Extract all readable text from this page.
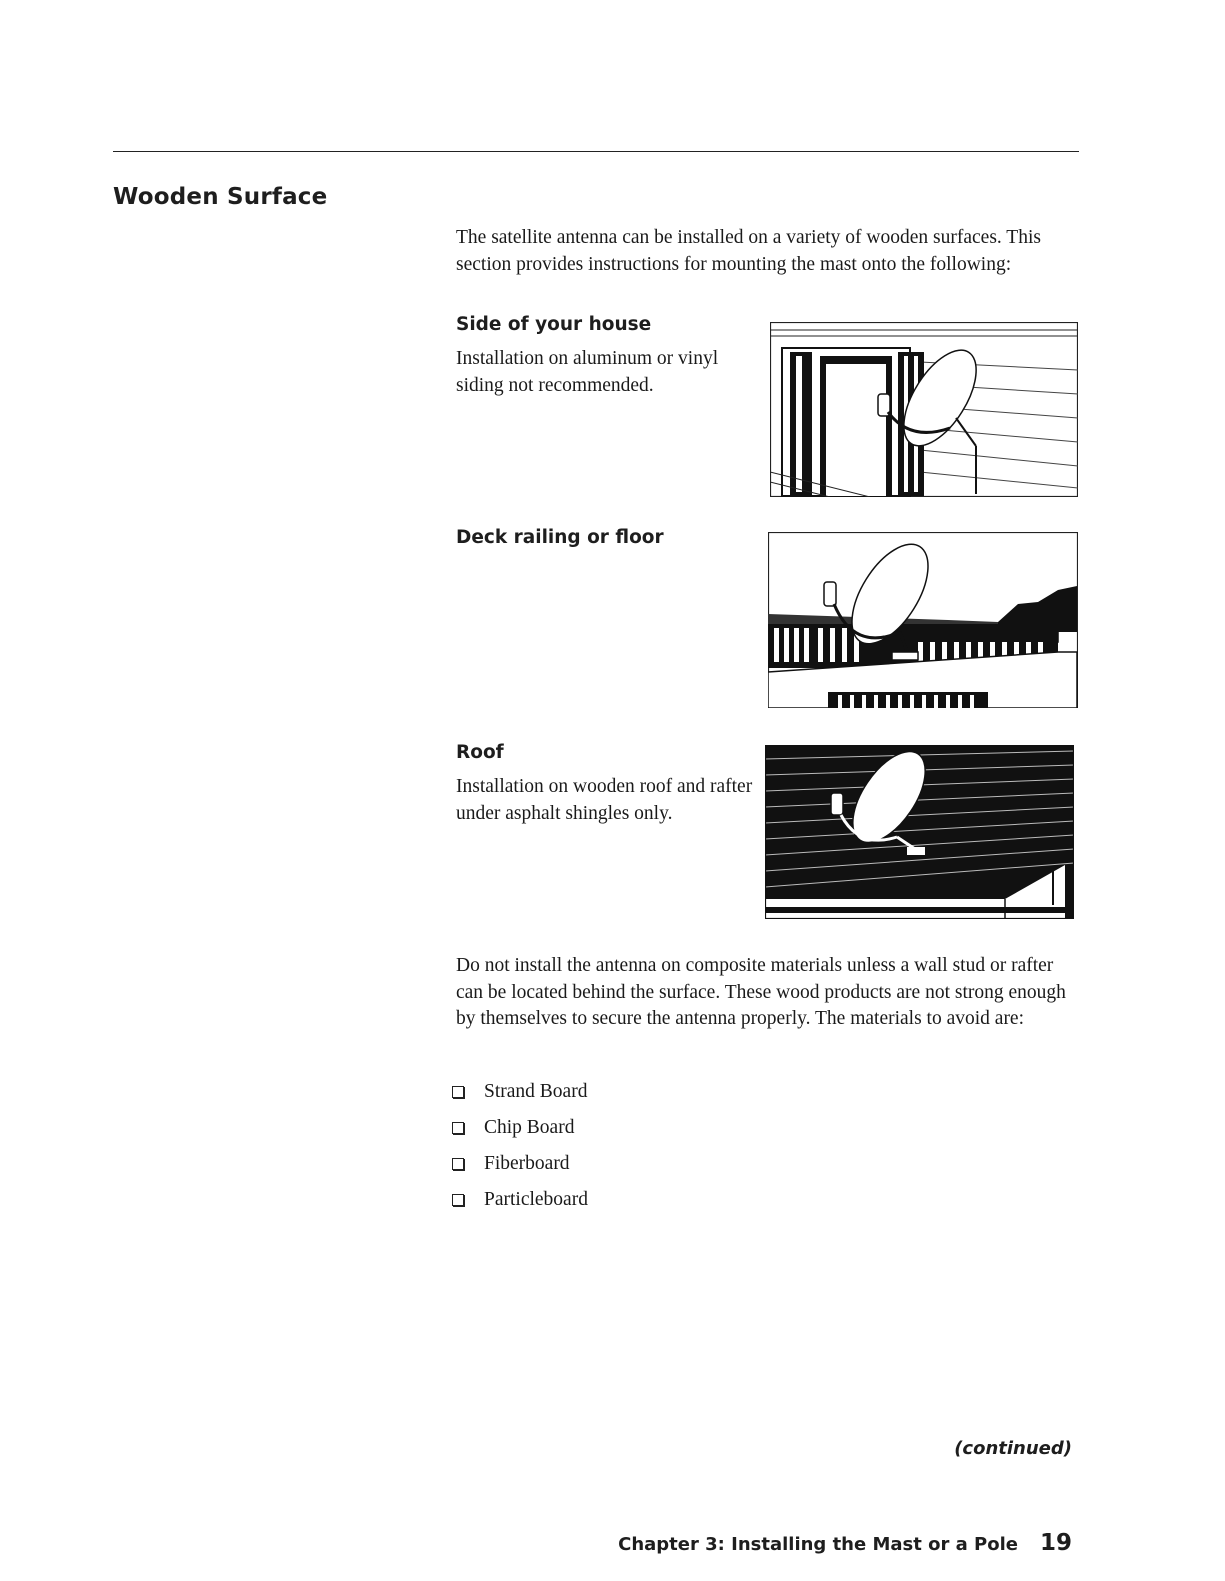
Wooden Surface

The satellite antenna can be installed on a variety of wooden surfaces. This section provides instructions for mounting the mast onto the following:

Side of your house

Installation on aluminum or vinyl siding not recommended.

Deck railing or floor
Roof

Installation on wooden roof and rafter under asphalt shingles only.

Do not install the antenna on composite materials unless a wall stud or rafter can be located behind the surface. These wood products are not strong enough by themselves to secure the antenna properly. The materials to avoid are:

Strand Board
Chip Board
Fiberboard
Particleboard

(continued)

Chapter 3: Installing the Mast or a Pole 19
